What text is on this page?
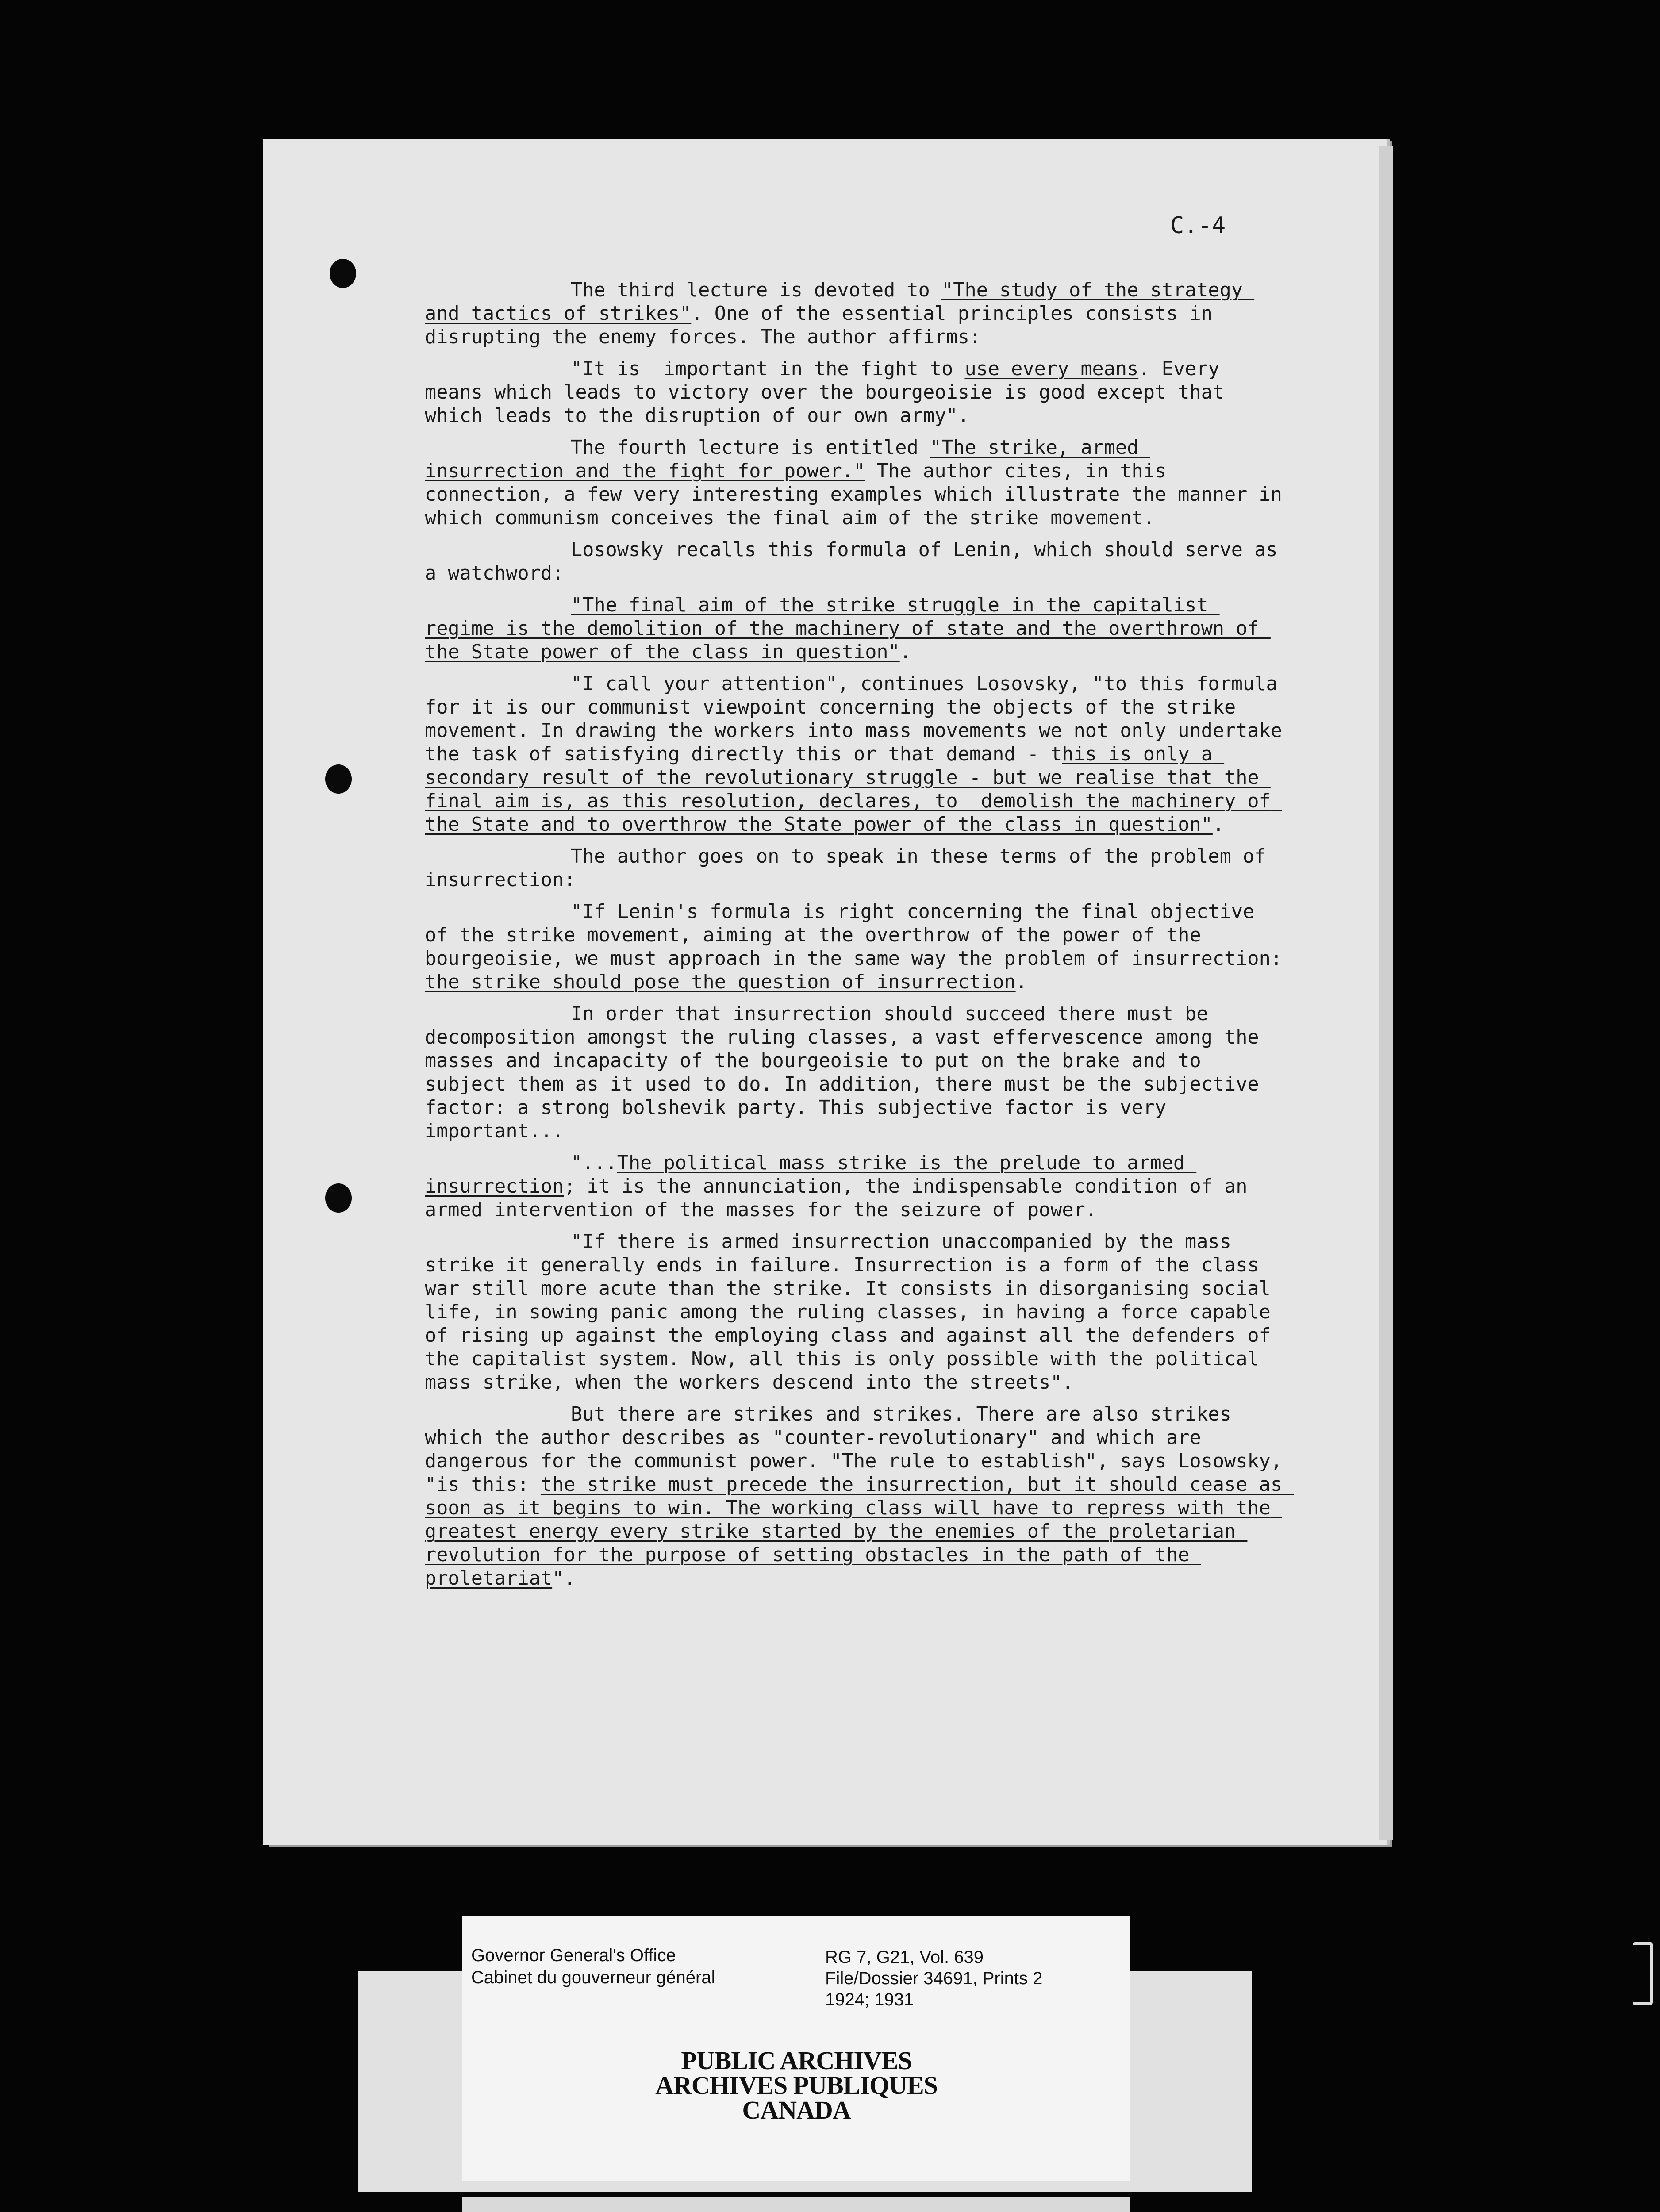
C.-4

The third lecture is devoted to "The study of the strategy and tactics of strikes". One of the essential principles consists in disrupting the enemy forces. The author affirms:

"It is  important in the fight to use every means. Every means which leads to victory over the bourgeoisie is good except that which leads to the disruption of our own army".

The fourth lecture is entitled "The strike, armed insurrection and the fight for power." The author cites, in this connection, a few very interesting examples which illustrate the manner in which communism conceives the final aim of the strike movement.

Losowsky recalls this formula of Lenin, which should serve as a watchword:

"The final aim of the strike struggle in the capitalist regime is the demolition of the machinery of state and the overthrown of the State power of the class in question".

"I call your attention", continues Losovsky, "to this formula for it is our communist viewpoint concerning the objects of the strike movement. In drawing the workers into mass movements we not only undertake the task of satisfying directly this or that demand - this is only a secondary result of the revolutionary struggle - but we realise that the final aim is, as this resolution, declares, to  demolish the machinery of the State and to overthrow the State power of the class in question".

The author goes on to speak in these terms of the problem of insurrection:

"If Lenin's formula is right concerning the final objective of the strike movement, aiming at the overthrow of the power of the bourgeoisie, we must approach in the same way the problem of insurrection: the strike should pose the question of insurrection.

In order that insurrection should succeed there must be decomposition amongst the ruling classes, a vast effervescence among the masses and incapacity of the bourgeoisie to put on the brake and to subject them as it used to do. In addition, there must be the subjective factor: a strong bolshevik party. This subjective factor is very important...

"...The political mass strike is the prelude to armed insurrection; it is the annunciation, the indispensable condition of an armed intervention of the masses for the seizure of power.

"If there is armed insurrection unaccompanied by the mass strike it generally ends in failure. Insurrection is a form of the class war still more acute than the strike. It consists in disorganising social life, in sowing panic among the ruling classes, in having a force capable of rising up against the employing class and against all the defenders of the capitalist system. Now, all this is only possible with the political mass strike, when the workers descend into the streets".

But there are strikes and strikes. There are also strikes which the author describes as "counter-revolutionary" and which are dangerous for the communist power. "The rule to establish", says Losowsky, "is this: the strike must precede the insurrection, but it should cease as soon as it begins to win. The working class will have to repress with the greatest energy every strike started by the enemies of the proletarian revolution for the purpose of setting obstacles in the path of the proletariat".

Governor General's Office
Cabinet du gouverneur général
RG 7, G21, Vol. 639
File/Dossier 34691, Prints 2
1924; 1931
PUBLIC ARCHIVES
ARCHIVES PUBLIQUES
CANADA
